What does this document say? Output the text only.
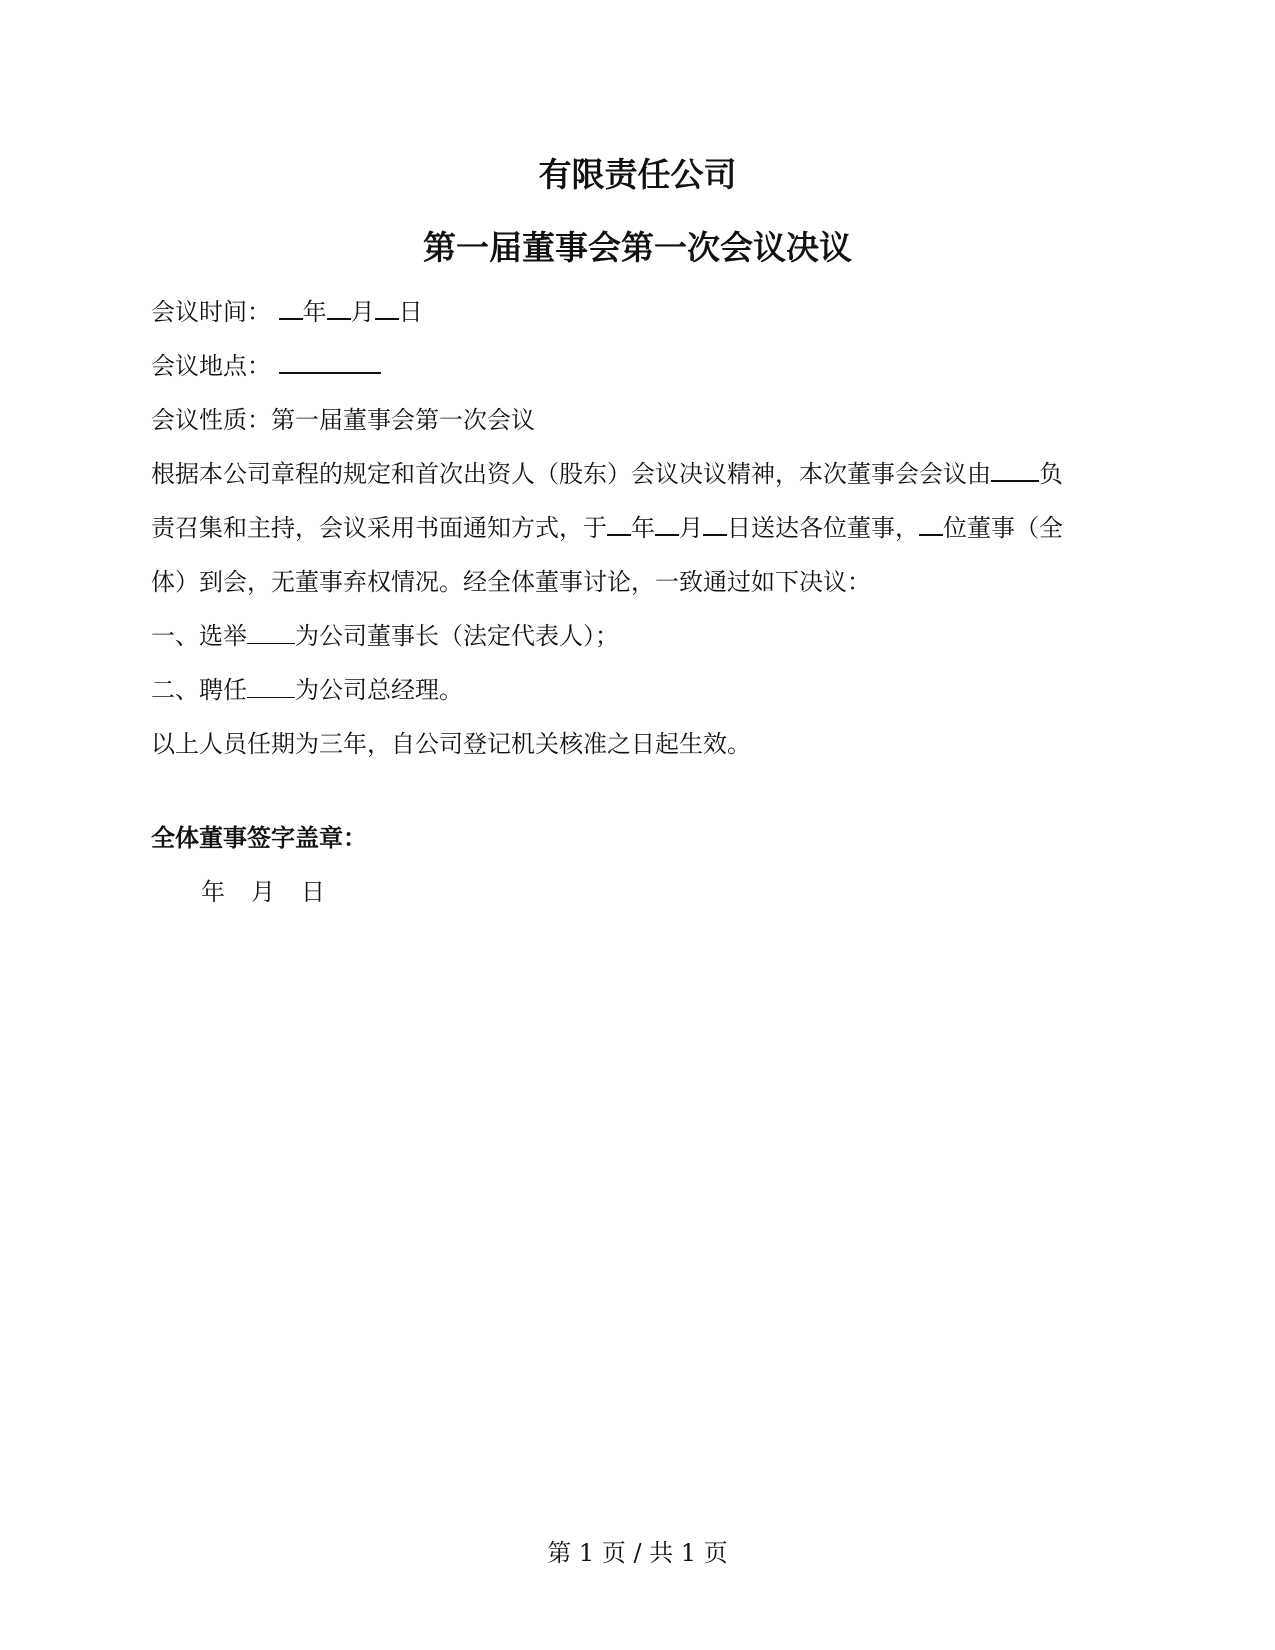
有限责任公司
第一届董事会第一次会议决议
会议时间： 年 月 日
会议地点：
会议性质：第一届董事会第一次会议
根据本公司章程的规定和首次出资人（股东）会议决议精神，本次董事会会议由 负
责召集和主持，会议采用书面通知方式，于 年 月 日送达各位董事， 位董事（全
体）到会，无董事弃权情况。经全体董事讨论，一致通过如下决议：
一、选举 为公司董事长（法定代表人）；
二、聘任 为公司总经理。
以上人员任期为三年，自公司登记机关核准之日起生效。
全体董事签字盖章：
年 月 日
第 1 页 / 共 1 页
